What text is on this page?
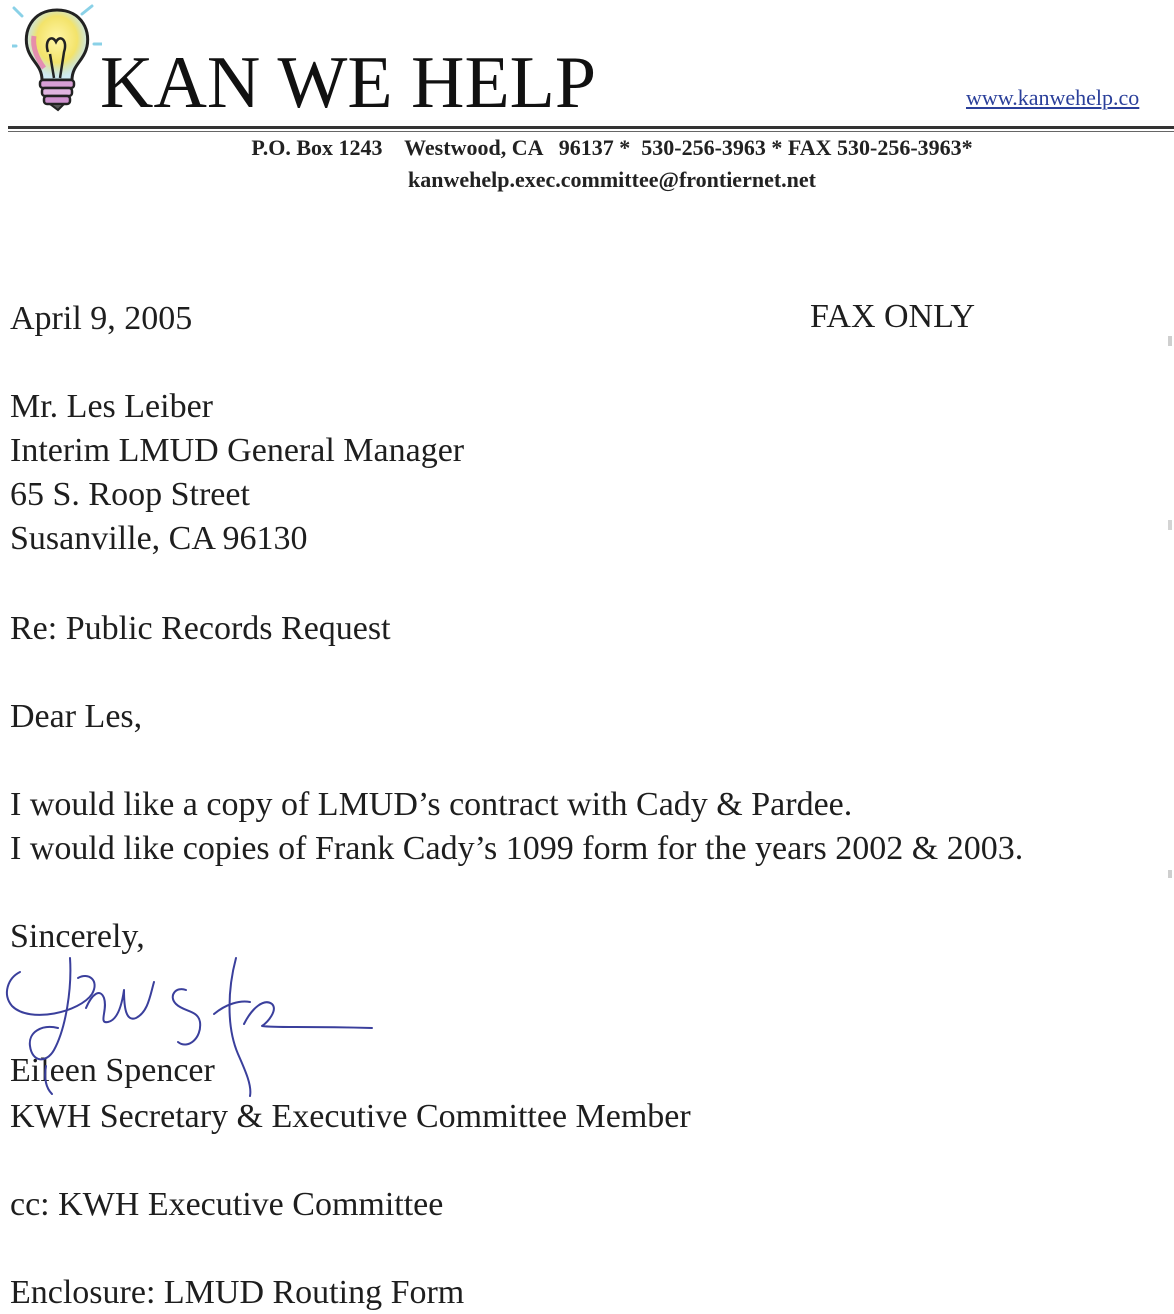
KAN WE HELP	www.kanwehelp.co
P.O. Box 1243    Westwood, CA   96137 *  530-256-3963 * FAX 530-256-3963*
kanwehelp.exec.committee@frontiernet.net
April 9, 2005	FAX ONLY
Mr. Les Leiber
Interim LMUD General Manager
65 S. Roop Street
Susanville, CA 96130
Re: Public Records Request
Dear Les,
I would like a copy of LMUD’s contract with Cady & Pardee.
I would like copies of Frank Cady’s 1099 form for the years 2002 & 2003.
Sincerely,
Eileen Spencer
KWH Secretary & Executive Committee Member
cc: KWH Executive Committee
Enclosure: LMUD Routing Form
